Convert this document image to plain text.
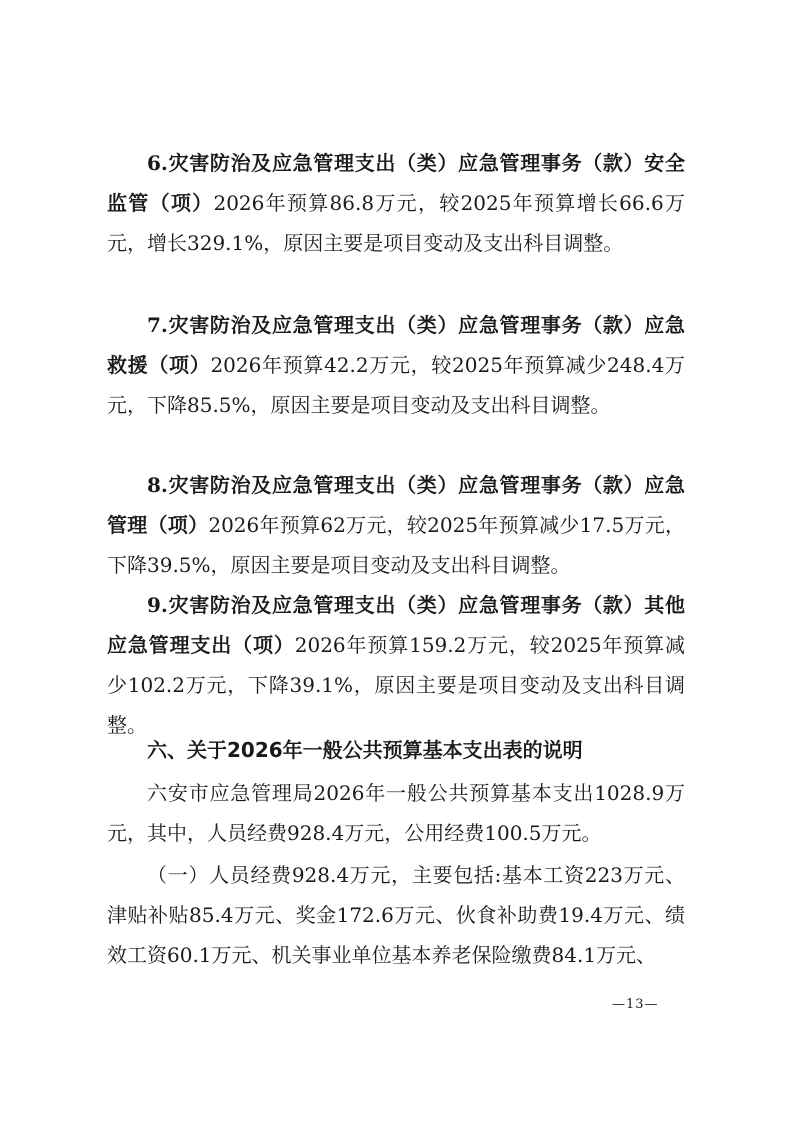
6.灾害防治及应急管理支出（类）应急管理事务（款）安全监管（项）2026年预算86.8万元，较2025年预算增长66.6万元，增长329.1%，原因主要是项目变动及支出科目调整。

7.灾害防治及应急管理支出（类）应急管理事务（款）应急救援（项）2026年预算42.2万元，较2025年预算减少248.4万元，下降85.5%，原因主要是项目变动及支出科目调整。

8.灾害防治及应急管理支出（类）应急管理事务（款）应急管理（项）2026年预算62万元，较2025年预算减少17.5万元，下降39.5%，原因主要是项目变动及支出科目调整。

9.灾害防治及应急管理支出（类）应急管理事务（款）其他应急管理支出（项）2026年预算159.2万元，较2025年预算减少102.2万元，下降39.1%，原因主要是项目变动及支出科目调整。

六、关于2026年一般公共预算基本支出表的说明

六安市应急管理局2026年一般公共预算基本支出1028.9万元，其中，人员经费928.4万元，公用经费100.5万元。

（一）人员经费928.4万元，主要包括:基本工资223万元、津贴补贴85.4万元、奖金172.6万元、伙食补助费19.4万元、绩效工资60.1万元、机关事业单位基本养老保险缴费84.1万元、

—13—
